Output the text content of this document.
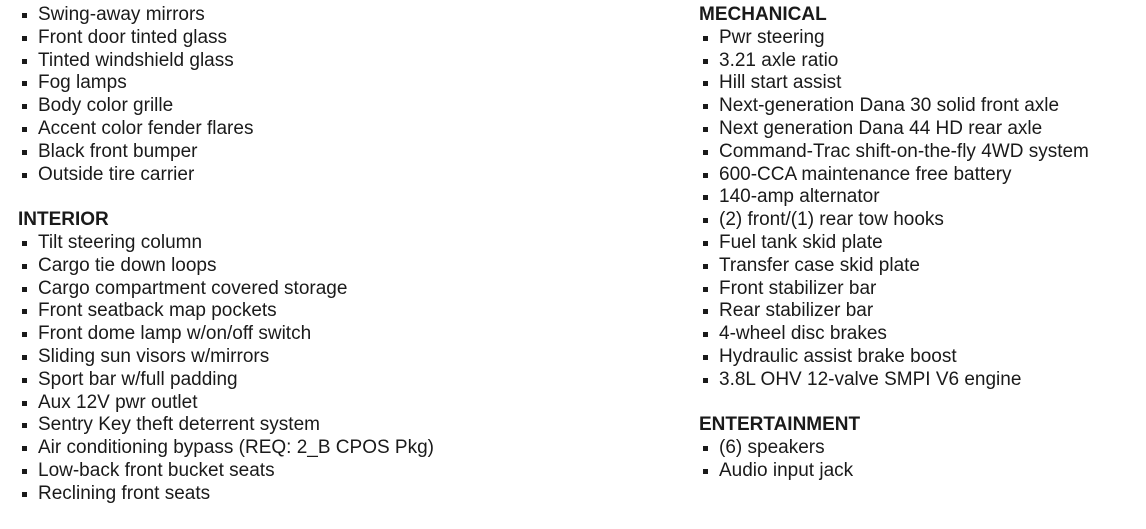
Swing-away mirrors
Front door tinted glass
Tinted windshield glass
Fog lamps
Body color grille
Accent color fender flares
Black front bumper
Outside tire carrier
INTERIOR
Tilt steering column
Cargo tie down loops
Cargo compartment covered storage
Front seatback map pockets
Front dome lamp w/on/off switch
Sliding sun visors w/mirrors
Sport bar w/full padding
Aux 12V pwr outlet
Sentry Key theft deterrent system
Air conditioning bypass (REQ: 2_B CPOS Pkg)
Low-back front bucket seats
Reclining front seats
MECHANICAL
Pwr steering
3.21 axle ratio
Hill start assist
Next-generation Dana 30 solid front axle
Next generation Dana 44 HD rear axle
Command-Trac shift-on-the-fly 4WD system
600-CCA maintenance free battery
140-amp alternator
(2) front/(1) rear tow hooks
Fuel tank skid plate
Transfer case skid plate
Front stabilizer bar
Rear stabilizer bar
4-wheel disc brakes
Hydraulic assist brake boost
3.8L OHV 12-valve SMPI V6 engine
ENTERTAINMENT
(6) speakers
Audio input jack
